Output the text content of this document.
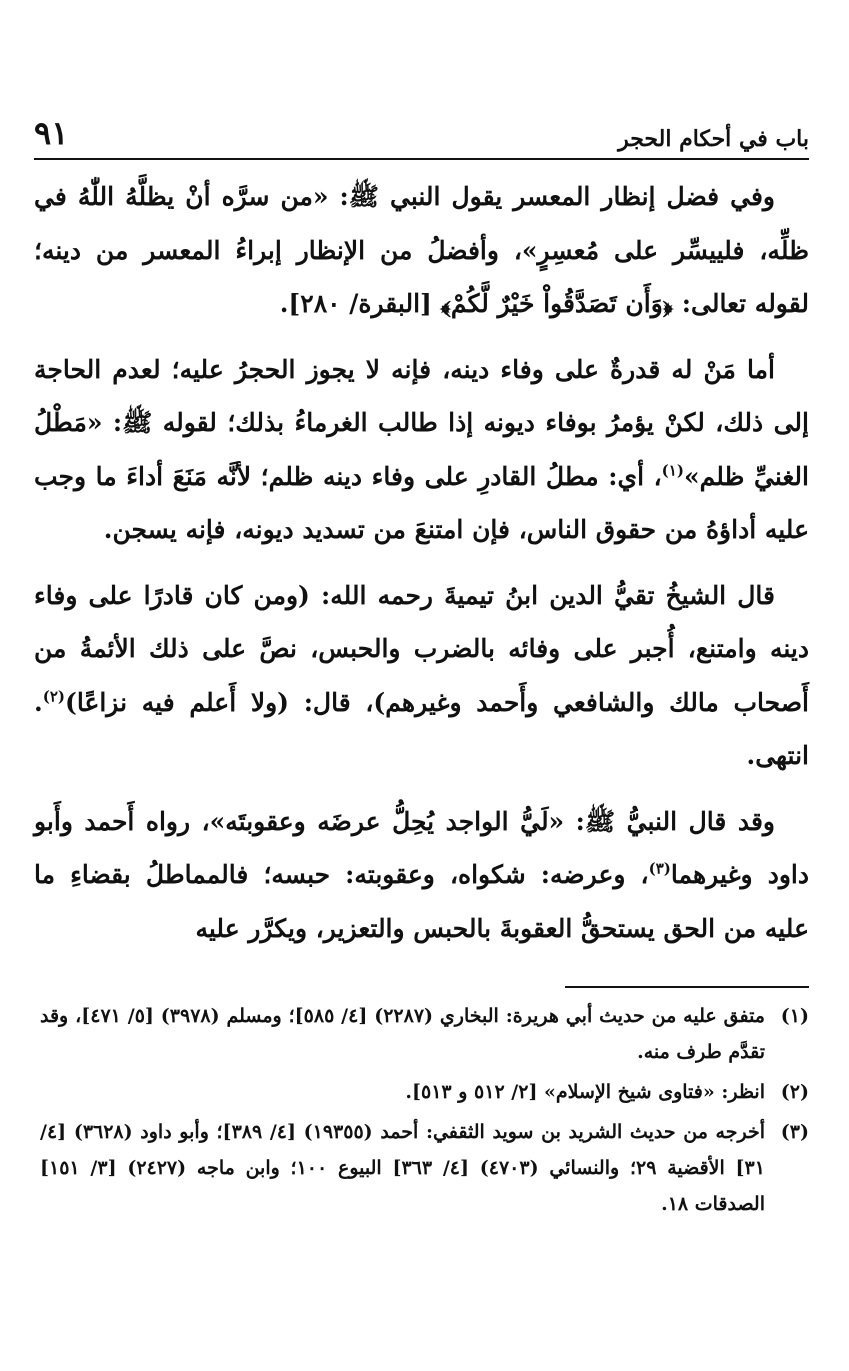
٩١	باب في أحكام الحجر

وفي فضل إنظار المعسر يقول النبي ﷺ: «من سرَّه أنْ يظلَّهُ اللّٰهُ في ظلِّه، فلييسِّر على مُعسِرٍ»، وأفضلُ من الإنظار إبراءُ المعسر من دينه؛ لقوله تعالى: ﴿وَأَن تَصَدَّقُواْ خَيْرٌ لَّكُمْ﴾ [البقرة/ ٢٨٠].

أما مَنْ له قدرةٌ على وفاء دينه، فإنه لا يجوز الحجرُ عليه؛ لعدم الحاجة إلى ذلك، لكنْ يؤمرُ بوفاء ديونه إذا طالب الغرماءُ بذلك؛ لقوله ﷺ: «مَطْلُ الغنيِّ ظلم»$^{(١)}$، أي: مطلُ القادرِ على وفاء دينه ظلم؛ لأنَّه مَنَعَ أداءَ ما وجب عليه أداؤهُ من حقوق الناس، فإن امتنعَ من تسديد ديونه، فإنه يسجن.

قال الشيخُ تقيُّ الدين ابنُ تيميةَ رحمه الله: (ومن كان قادرًا على وفاء دينه وامتنع، أُجبر على وفائه بالضرب والحبس، نصَّ على ذلك الأئمةُ من أَصحاب مالك والشافعي وأَحمد وغيرهم)، قال: (ولا أَعلم فيه نزاعًا)$^{(٢)}$. انتهى.

وقد قال النبيُّ ﷺ: «لَيُّ الواجد يُحِلُّ عرضَه وعقوبتَه»، رواه أَحمد وأَبو داود وغيرهما$^{(٣)}$، وعرضه: شكواه، وعقوبته: حبسه؛ فالمماطلُ بقضاءِ ما عليه من الحق يستحقُّ العقوبةَ بالحبس والتعزير، ويكرَّر عليه

(١)
متفق عليه من حديث أبي هريرة: البخاري (٢٢٨٧) [٤/ ٥٨٥]؛ ومسلم (٣٩٧٨) [٥/ ٤٧١]، وقد تقدَّم طرف منه.

(٢)
انظر: «فتاوى شيخ الإسلام» [٢/ ٥١٢ و ٥١٣].

(٣)
أخرجه من حديث الشريد بن سويد الثقفي: أحمد (١٩٣٥٥) [٤/ ٣٨٩]؛ وأبو داود (٣٦٢٨) [٤/ ٣١] الأقضية ٢٩؛ والنسائي (٤٧٠٣) [٤/ ٣٦٣] البيوع ١٠٠؛ وابن ماجه (٢٤٢٧) [٣/ ١٥١] الصدقات ١٨.
